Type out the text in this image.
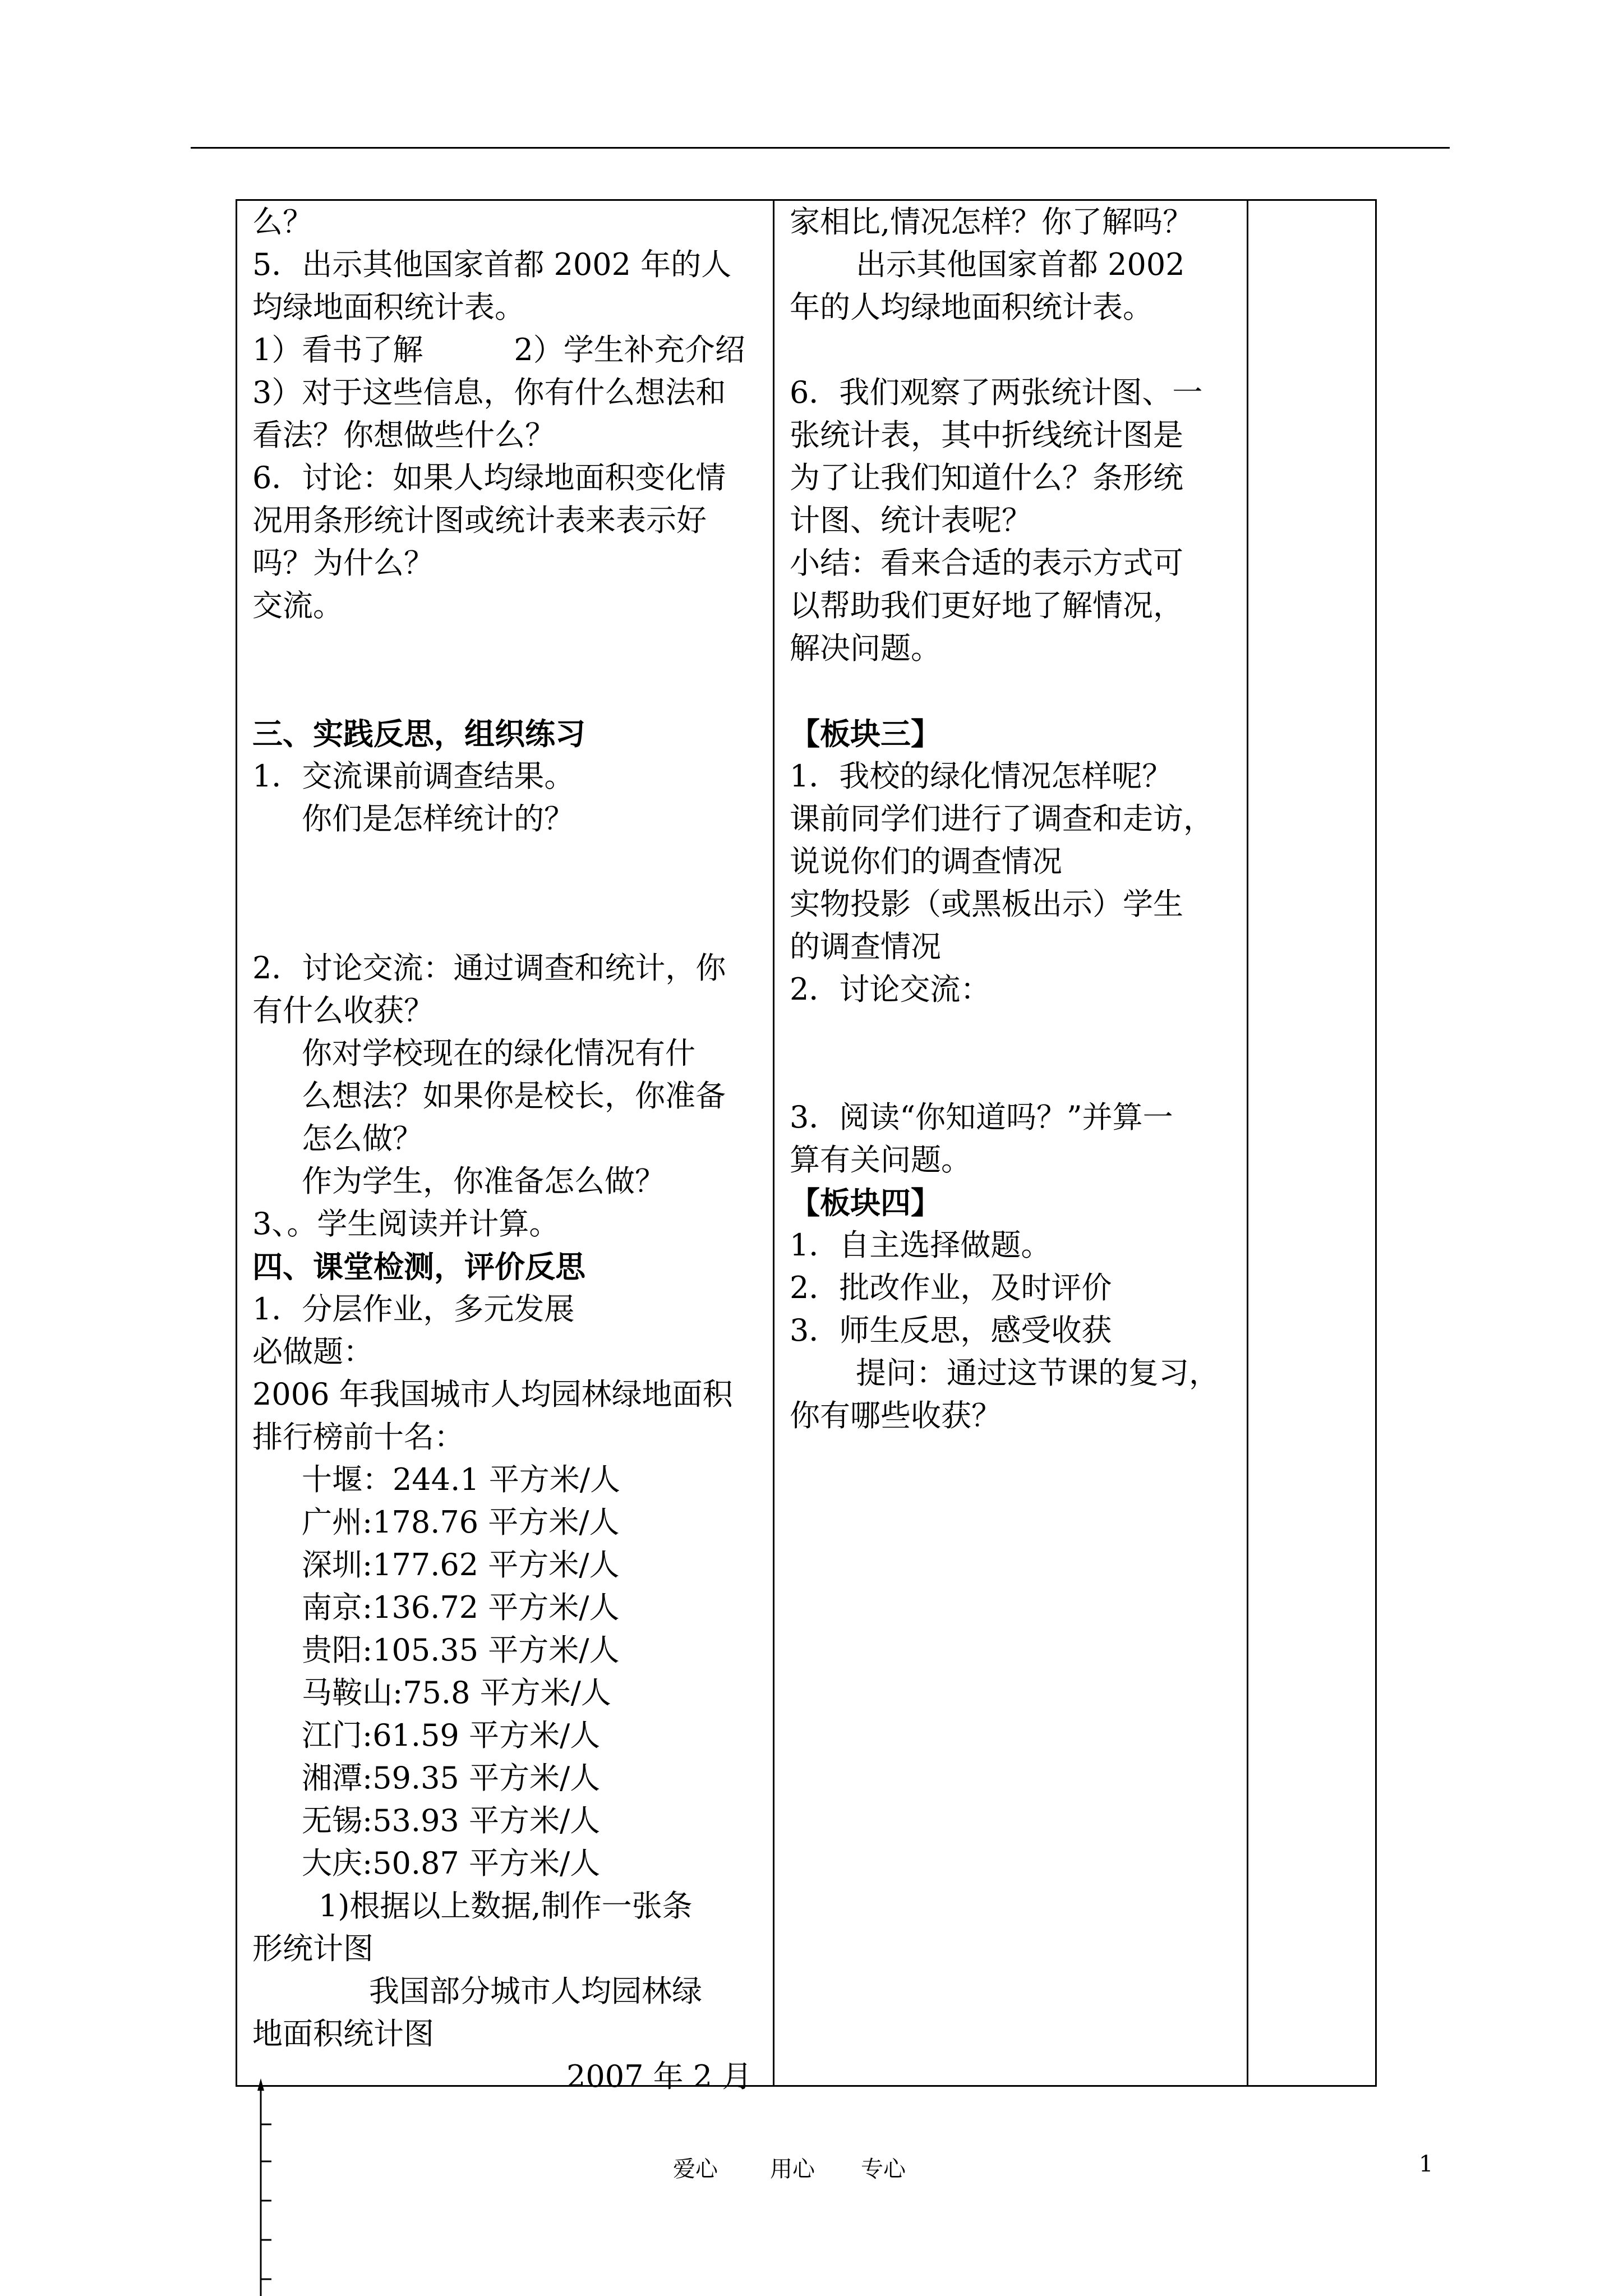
么？

5．出示其他国家首都 2002 年的人

均绿地面积统计表。

1）看书了解　　　2）学生补充介绍

3）对于这些信息，你有什么想法和

看法？你想做些什么？

6．讨论：如果人均绿地面积变化情

况用条形统计图或统计表来表示好

吗？为什么？

交流。

三、实践反思，组织练习

1．交流课前调查结果。

你们是怎样统计的？

2．讨论交流：通过调查和统计，你

有什么收获？

你对学校现在的绿化情况有什

么想法？如果你是校长，你准备

怎么做？

作为学生，你准备怎么做？

3、。学生阅读并计算。

四、课堂检测，评价反思

1．分层作业，多元发展

必做题：

2006 年我国城市人均园林绿地面积

排行榜前十名：

十堰：244.1 平方米/人

广州:178.76 平方米/人

深圳:177.62 平方米/人

南京:136.72 平方米/人

贵阳:105.35 平方米/人

马鞍山:75.8 平方米/人

江门:61.59 平方米/人

湘潭:59.35 平方米/人

无锡:53.93 平方米/人

大庆:50.87 平方米/人

1)根据以上数据,制作一张条

形统计图

我国部分城市人均园林绿

地面积统计图

2007 年 2 月

家相比,情况怎样？你了解吗？

出示其他国家首都 2002

年的人均绿地面积统计表。

6．我们观察了两张统计图、一

张统计表，其中折线统计图是

为了让我们知道什么？条形统

计图、统计表呢？

小结：看来合适的表示方式可

以帮助我们更好地了解情况，

解决问题。

【板块三】

1．我校的绿化情况怎样呢？

课前同学们进行了调查和走访，

说说你们的调查情况

实物投影（或黑板出示）学生

的调查情况

2．讨论交流：

3．阅读“你知道吗？”并算一

算有关问题。

【板块四】

1．自主选择做题。

2．批改作业，及时评价

3．师生反思，感受收获

提问：通过这节课的复习，

你有哪些收获？

爱心 用心 专心	1
